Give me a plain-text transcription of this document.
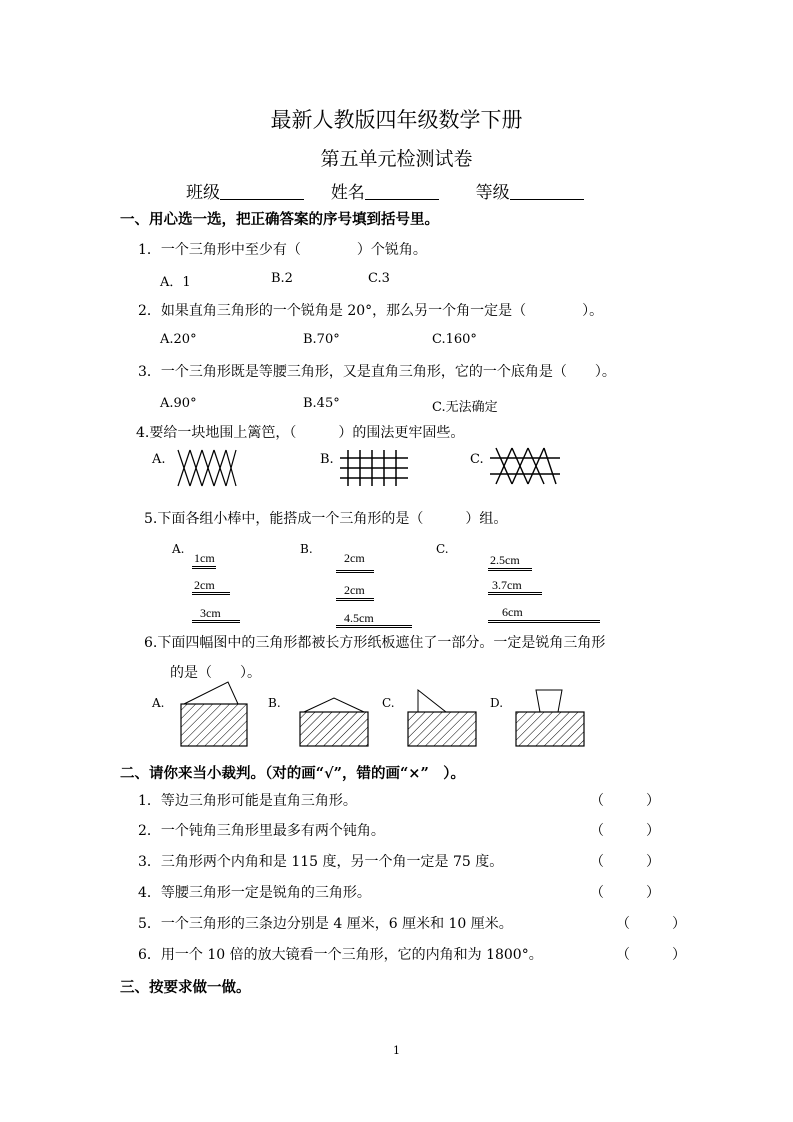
最新人教版四年级数学下册
第五单元检测试卷
班级	姓名	等级
一、用心选一选，把正确答案的序号填到括号里。
1．一个三角形中至少有（　　　　）个锐角。
A．1	B.2	C.3
2．如果直角三角形的一个锐角是 20°，那么另一个角一定是（　　　　）。
A.20°	B.70°	C.160°
3．一个三角形既是等腰三角形，又是直角三角形，它的一个底角是（　　）。
A.90°	B.45°	C.无法确定
4.要给一块地围上篱笆，（　　　）的围法更牢固些。
A.	B.	C.
5.下面各组小棒中，能搭成一个三角形的是（　　　）组。
A.	B.	C.
1cm
2cm
3cm
2cm
2cm
4.5cm
2.5cm
3.7cm
6cm
6.下面四幅图中的三角形都被长方形纸板遮住了一部分。一定是锐角三角形
的是（　　）。
A.	B.	C.	D.
二、请你来当小裁判。（对的画“√”，错的画“×”　）。
1．等边三角形可能是直角三角形。	（　　　）
2．一个钝角三角形里最多有两个钝角。	（　　　）
3．三角形两个内角和是 115 度，另一个角一定是 75 度。	（　　　）
4．等腰三角形一定是锐角的三角形。	（　　　）
5．一个三角形的三条边分别是 4 厘米，6 厘米和 10 厘米。	（　　　）
6．用一个 10 倍的放大镜看一个三角形，它的内角和为 1800°。	（　　　）
三、按要求做一做。
1
